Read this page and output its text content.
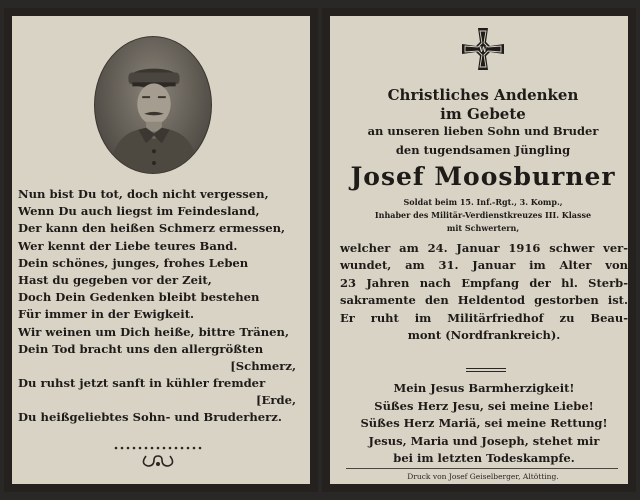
Nun bist Du tot, doch nicht vergessen,
Wenn Du auch liegst im Feindesland,
Der kann den heißen Schmerz ermessen,
Wer kennt der Liebe teures Band.
Dein schönes, junges, frohes Leben
Hast du gegeben vor der Zeit,
Doch Dein Gedenken bleibt bestehen
Für immer in der Ewigkeit.
Wir weinen um Dich heiße, bittre Tränen,
Dein Tod bracht uns den allergrößten
[Schmerz,
Du ruhst jetzt sanft in kühler fremder
[Erde,
Du heißgeliebtes Sohn- und Bruderherz.
W
Christliches Andenken
im Gebete
an unseren lieben Sohn und Bruder
den tugendsamen Jüngling
Josef Moosburner
Soldat beim 15. Inf.-Rgt., 3. Komp.,
Inhaber des Militär-Verdienstkreuzes III. Klasse
mit Schwertern,
welcher am 24. Januar 1916 schwer ver-
wundet, am 31. Januar im Alter von
23 Jahren nach Empfang der hl. Sterb-
sakramente den Heldentod gestorben ist.
Er ruht im Militärfriedhof zu Beau-
mont (Nordfrankreich).
Mein Jesus Barmherzigkeit!
Süßes Herz Jesu, sei meine Liebe!
Süßes Herz Mariä, sei meine Rettung!
Jesus, Maria und Joseph, stehet mir
bei im letzten Todeskampfe.
Druck von Josef Geiselberger, Altötting.
